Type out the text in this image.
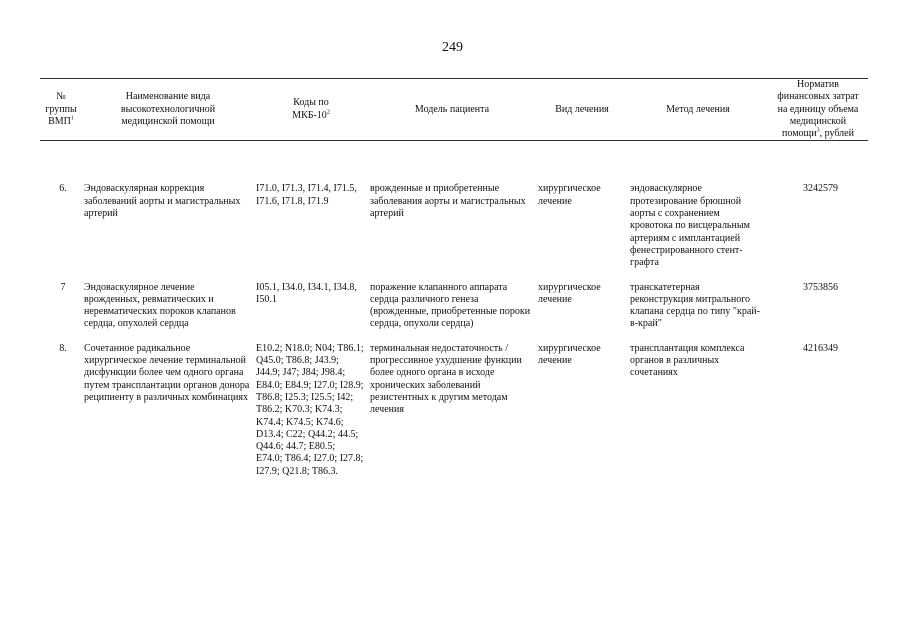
249
№
группы
ВМП$^1$	Наименование вида
высокотехнологичной
медицинской помощи	Коды по
МКБ-$10^2$	Модель пациента	Вид лечения	Метод лечения	Норматив
финансовых затрат
на единицу объема
медицинской
помощи$^3$, рублей

6.	Эндоваскулярная коррекция заболеваний аорты и магистральных артерий	I71.0, I71.3, I71.4, I71.5, I71.6, I71.8, I71.9	врожденные и приобретенные заболевания аорты и магистральных артерий	хирургическое лечение	эндоваскулярное протезирование брюшной аорты с сохранением кровотока по висцеральным артериям с имплантацией фенестрированного стент-графта	3242579

7	Эндоваскулярное лечение врожденных, ревматических и неревматических пороков клапанов сердца, опухолей сердца	I05.1, I34.0, I34.1, I34.8, I50.1	поражение клапанного аппарата сердца различного генеза (врожденные, приобретенные пороки сердца, опухоли сердца)	хирургическое лечение	транскатетерная реконструкция митрального клапана сердца по типу "край-в-край"	3753856

8.	Сочетанное радикальное хирургическое лечение терминальной дисфункции более чем одного органа путем трансплантации органов донора реципиенту в различных комбинациях	E10.2; N18.0; N04; T86.1; Q45.0; T86.8; J43.9; J44.9; J47; J84; J98.4; E84.0; E84.9; I27.0; I28.9; T86.8; I25.3; I25.5; I42; T86.2; K70.3; K74.3; K74.4; K74.5; K74.6; D13.4; C22; Q44.2; 44.5; Q44.6; 44.7; E80.5; E74.0; T86.4; I27.0; I27.8; I27.9; Q21.8; T86.3.	терминальная недостаточность / прогрессивное ухудшение функции более одного органа в исходе хронических заболеваний резистентных к другим методам лечения	хирургическое лечение	трансплантация комплекса органов в различных сочетаниях	4216349
